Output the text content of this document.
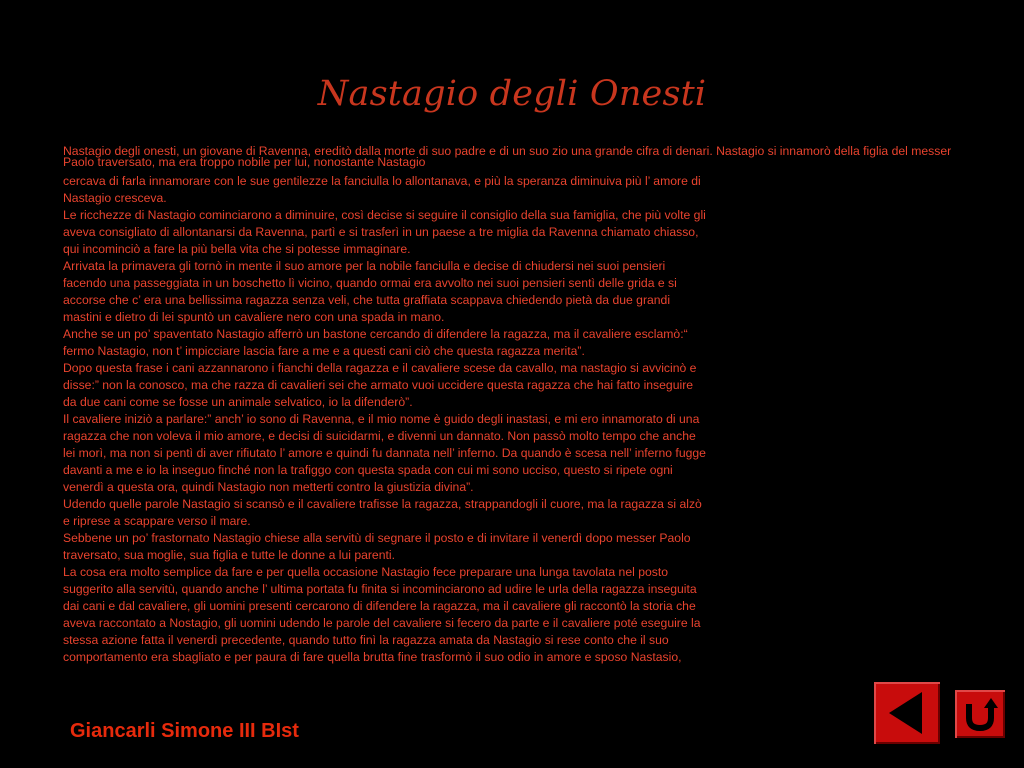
Nastagio degli Onesti

Nastagio degli onesti, un giovane di Ravenna, ereditò dalla morte di suo padre e di un suo zio una grande cifra di denari. Nastagio si innamorò della figlia del messer Paolo traversato, ma era troppo nobile per lui, nonostante Nastagio

cercava di farla innamorare con le sue gentilezze la fanciulla lo allontanava, e più la speranza diminuiva più l’ amore di
Nastagio cresceva.
Le ricchezze di Nastagio cominciarono a diminuire, così decise si seguire il consiglio della sua famiglia, che più volte gli
aveva consigliato di allontanarsi da Ravenna, partì e si trasferì in un paese a tre miglia da Ravenna chiamato chiasso,
qui incominciò a fare la più bella vita che si potesse immaginare.
Arrivata la primavera gli tornò in mente il suo amore per la nobile fanciulla e decise di chiudersi nei suoi pensieri
facendo una passeggiata in un boschetto lì vicino, quando ormai era avvolto nei suoi pensieri sentì delle grida e si
accorse che c’ era una bellissima ragazza senza veli, che tutta graffiata scappava chiedendo pietà da due grandi
mastini e dietro di lei spuntò un cavaliere nero con una spada in mano.
Anche se un po’ spaventato Nastagio afferrò un bastone cercando di difendere la ragazza, ma il cavaliere esclamò:“
fermo Nastagio, non t’ impicciare lascia fare a me e a questi cani ciò che questa ragazza merita”.
Dopo questa frase i cani azzannarono i fianchi della ragazza e il cavaliere scese da cavallo, ma nastagio si avvicinò e
disse:” non la conosco, ma che razza di cavalieri sei che armato vuoi uccidere questa ragazza che hai fatto inseguire
da due cani come se fosse un animale selvatico, io la difenderò”.
Il cavaliere iniziò a parlare:” anch’ io sono di Ravenna, e il mio nome è guido degli inastasi, e mi ero innamorato di una
ragazza che non voleva il mio amore, e decisi di suicidarmi, e divenni un dannato. Non passò molto tempo che anche
lei morì, ma non si pentì di aver rifiutato l’ amore e quindi fu dannata nell’ inferno. Da quando è scesa nell’ inferno fugge
davanti a me e io la inseguo finché non la trafiggo con questa spada con cui mi sono ucciso, questo si ripete ogni
venerdì a questa ora, quindi Nastagio non metterti contro la giustizia divina”.
Udendo quelle parole Nastagio si scansò e il cavaliere trafisse la ragazza, strappandogli il cuore, ma la ragazza si alzò
e riprese a scappare verso il mare.
Sebbene un po’ frastornato Nastagio chiese alla servitù di segnare il posto e di invitare il venerdì dopo messer Paolo
traversato, sua moglie, sua figlia e tutte le donne a lui parenti.
La cosa era molto semplice da fare e per quella occasione Nastagio fece preparare una lunga tavolata nel posto
suggerito alla servitù, quando anche l’ ultima portata fu finita si incominciarono ad udire le urla della ragazza inseguita
dai cani e dal cavaliere, gli uomini presenti cercarono di difendere la ragazza, ma il cavaliere gli raccontò la storia che
aveva raccontato a Nostagio, gli uomini udendo le parole del cavaliere si fecero da parte e il cavaliere poté eseguire la
stessa azione fatta il venerdì precedente, quando tutto finì la ragazza amata da Nastagio si rese conto che il suo
comportamento era sbagliato e per paura di fare quella brutta fine trasformò il suo odio in amore e sposo Nastasio,
Giancarli Simone III BIst
